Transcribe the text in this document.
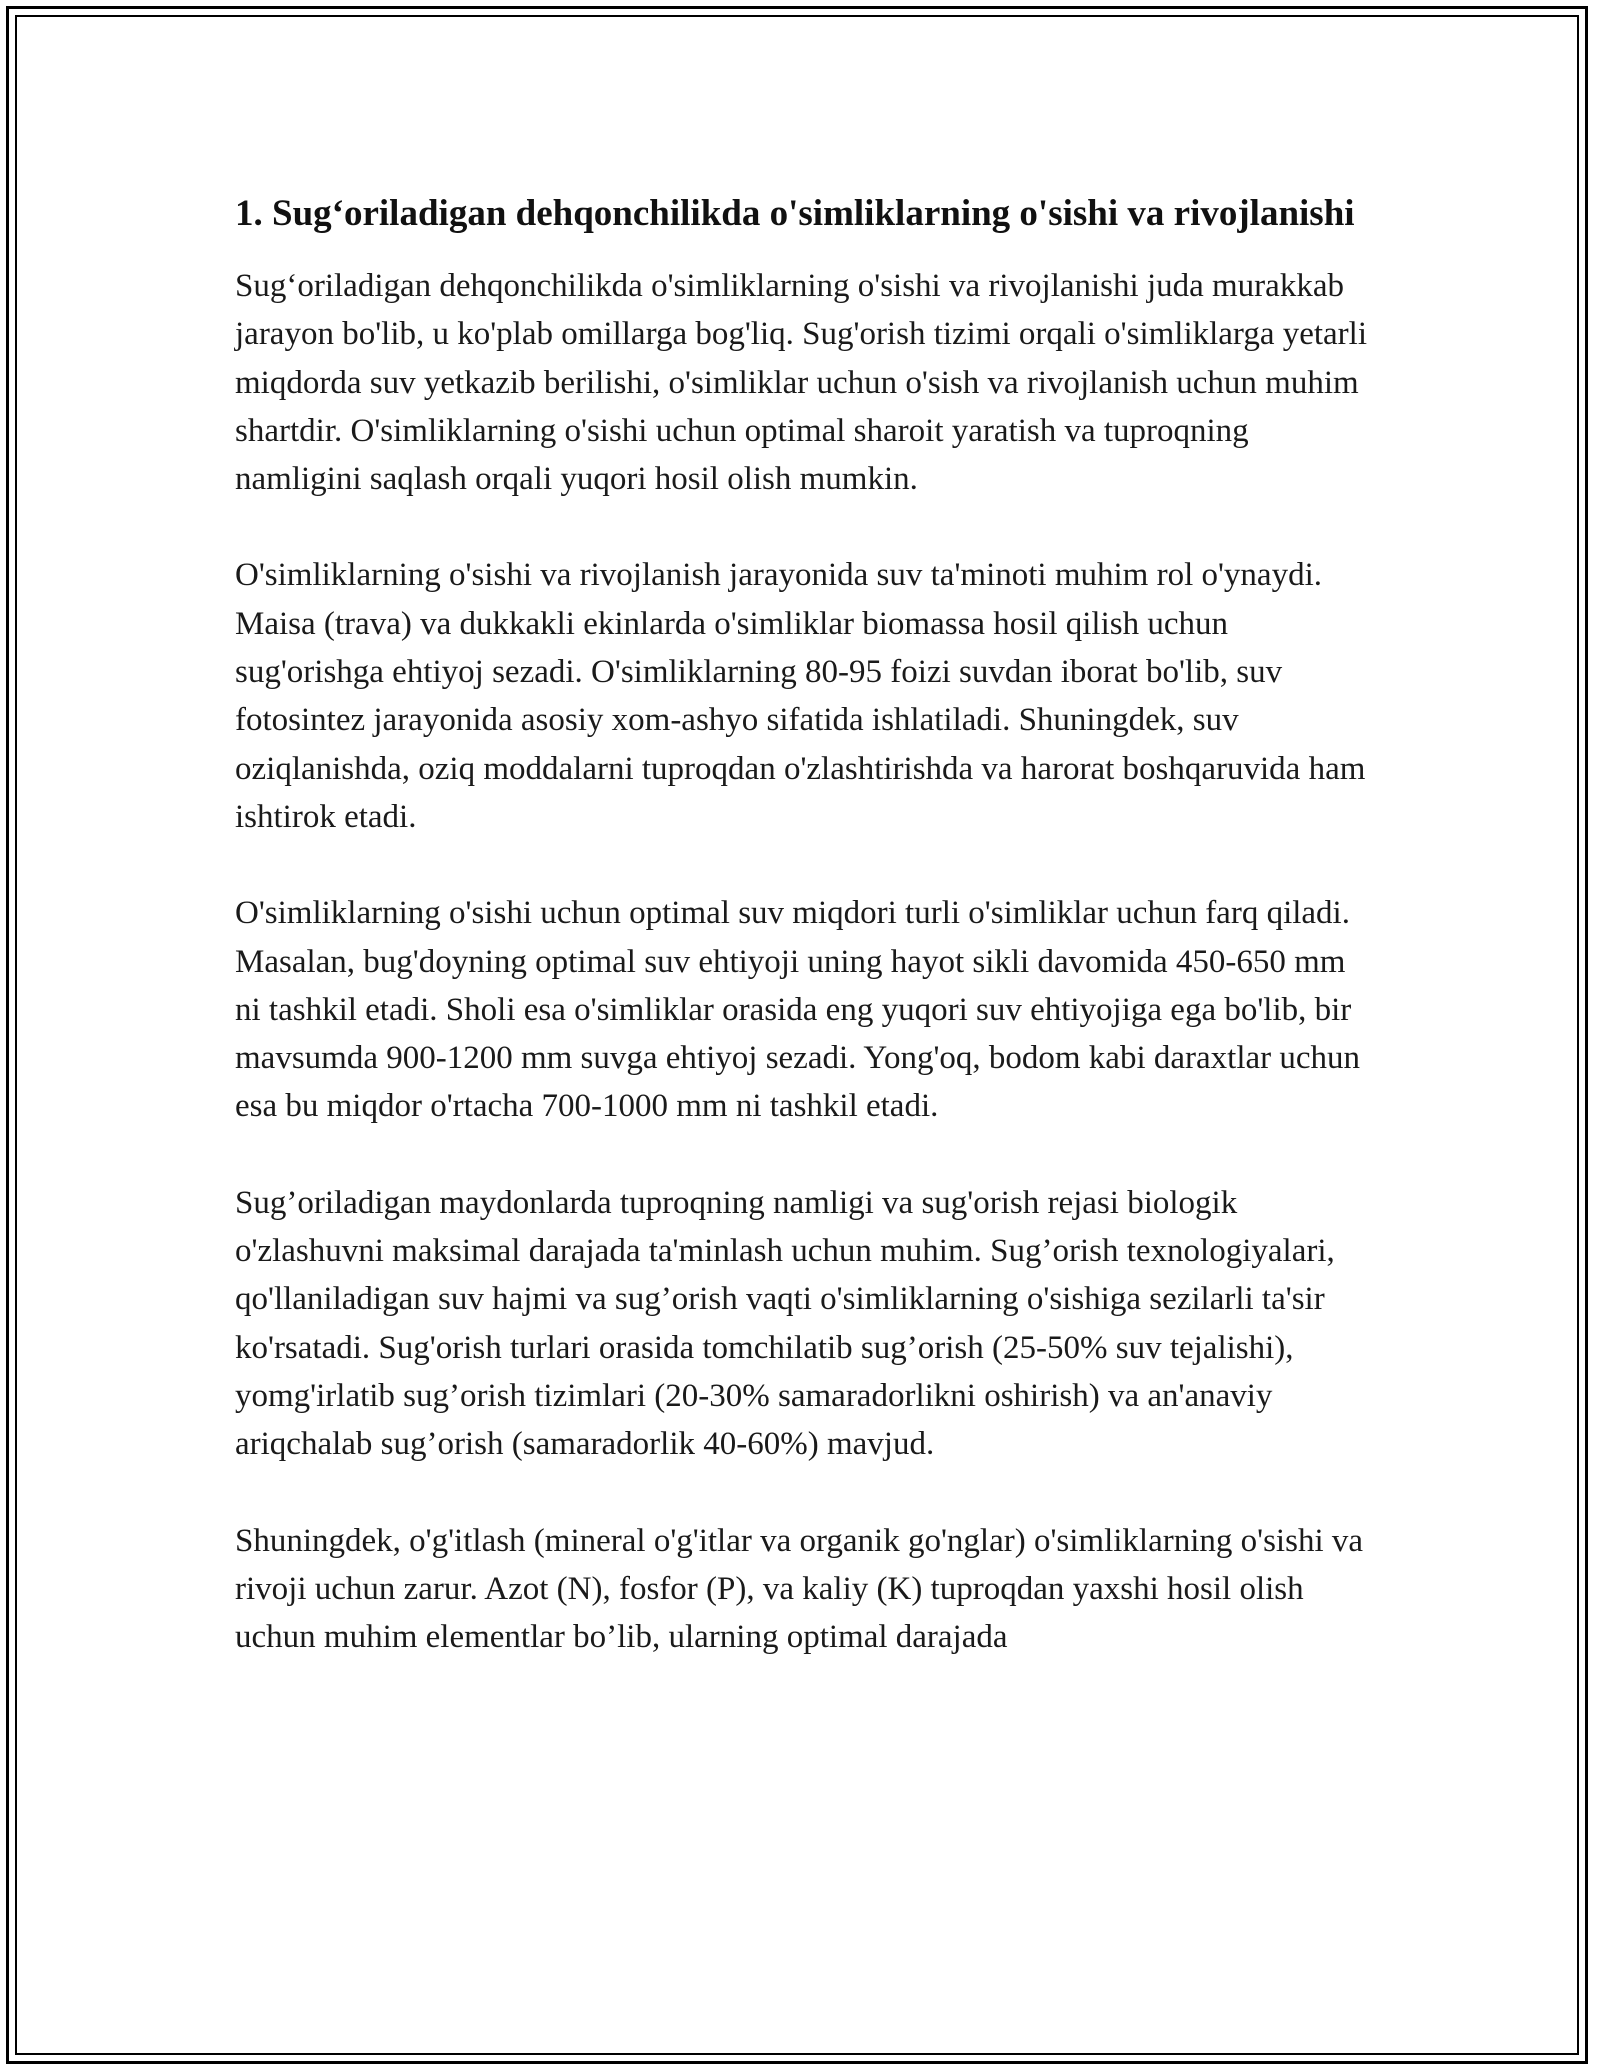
1. Sug‘oriladigan dehqonchilikda o'simliklarning o'sishi va rivojlanishi

Sug‘oriladigan dehqonchilikda o'simliklarning o'sishi va rivojlanishi juda murakkab jarayon bo'lib, u ko'plab omillarga bog'liq. Sug'orish tizimi orqali o'simliklarga yetarli miqdorda suv yetkazib berilishi, o'simliklar uchun o'sish va rivojlanish uchun muhim shartdir. O'simliklarning o'sishi uchun optimal sharoit yaratish va tuproqning namligini saqlash orqali yuqori hosil olish mumkin.

O'simliklarning o'sishi va rivojlanish jarayonida suv ta'minoti muhim rol o'ynaydi. Maisa (trava) va dukkakli ekinlarda o'simliklar biomassa hosil qilish uchun sug'orishga ehtiyoj sezadi. O'simliklarning 80-95 foizi suvdan iborat bo'lib, suv fotosintez jarayonida asosiy xom-ashyo sifatida ishlatiladi. Shuningdek, suv oziqlanishda, oziq moddalarni tuproqdan o'zlashtirishda va harorat boshqaruvida ham ishtirok etadi.

O'simliklarning o'sishi uchun optimal suv miqdori turli o'simliklar uchun farq qiladi. Masalan, bug'doyning optimal suv ehtiyoji uning hayot sikli davomida 450-650 mm ni tashkil etadi. Sholi esa o'simliklar orasida eng yuqori suv ehtiyojiga ega bo'lib, bir mavsumda 900-1200 mm suvga ehtiyoj sezadi. Yong'oq, bodom kabi daraxtlar uchun esa bu miqdor o'rtacha 700-1000 mm ni tashkil etadi.

Sug’oriladigan maydonlarda tuproqning namligi va sug'orish rejasi biologik o'zlashuvni maksimal darajada ta'minlash uchun muhim. Sug’orish texnologiyalari, qo'llaniladigan suv hajmi va sug’orish vaqti o'simliklarning o'sishiga sezilarli ta'sir ko'rsatadi. Sug'orish turlari orasida tomchilatib sug’orish (25-50% suv tejalishi), yomg'irlatib sug’orish tizimlari (20-30% samaradorlikni oshirish) va an'anaviy ariqchalab sug’orish (samaradorlik 40-60%) mavjud.

Shuningdek, o'g'itlash (mineral o'g'itlar va organik go'nglar) o'simliklarning o'sishi va rivoji uchun zarur. Azot (N), fosfor (P), va kaliy (K) tuproqdan yaxshi hosil olish uchun muhim elementlar bo’lib, ularning optimal darajada
